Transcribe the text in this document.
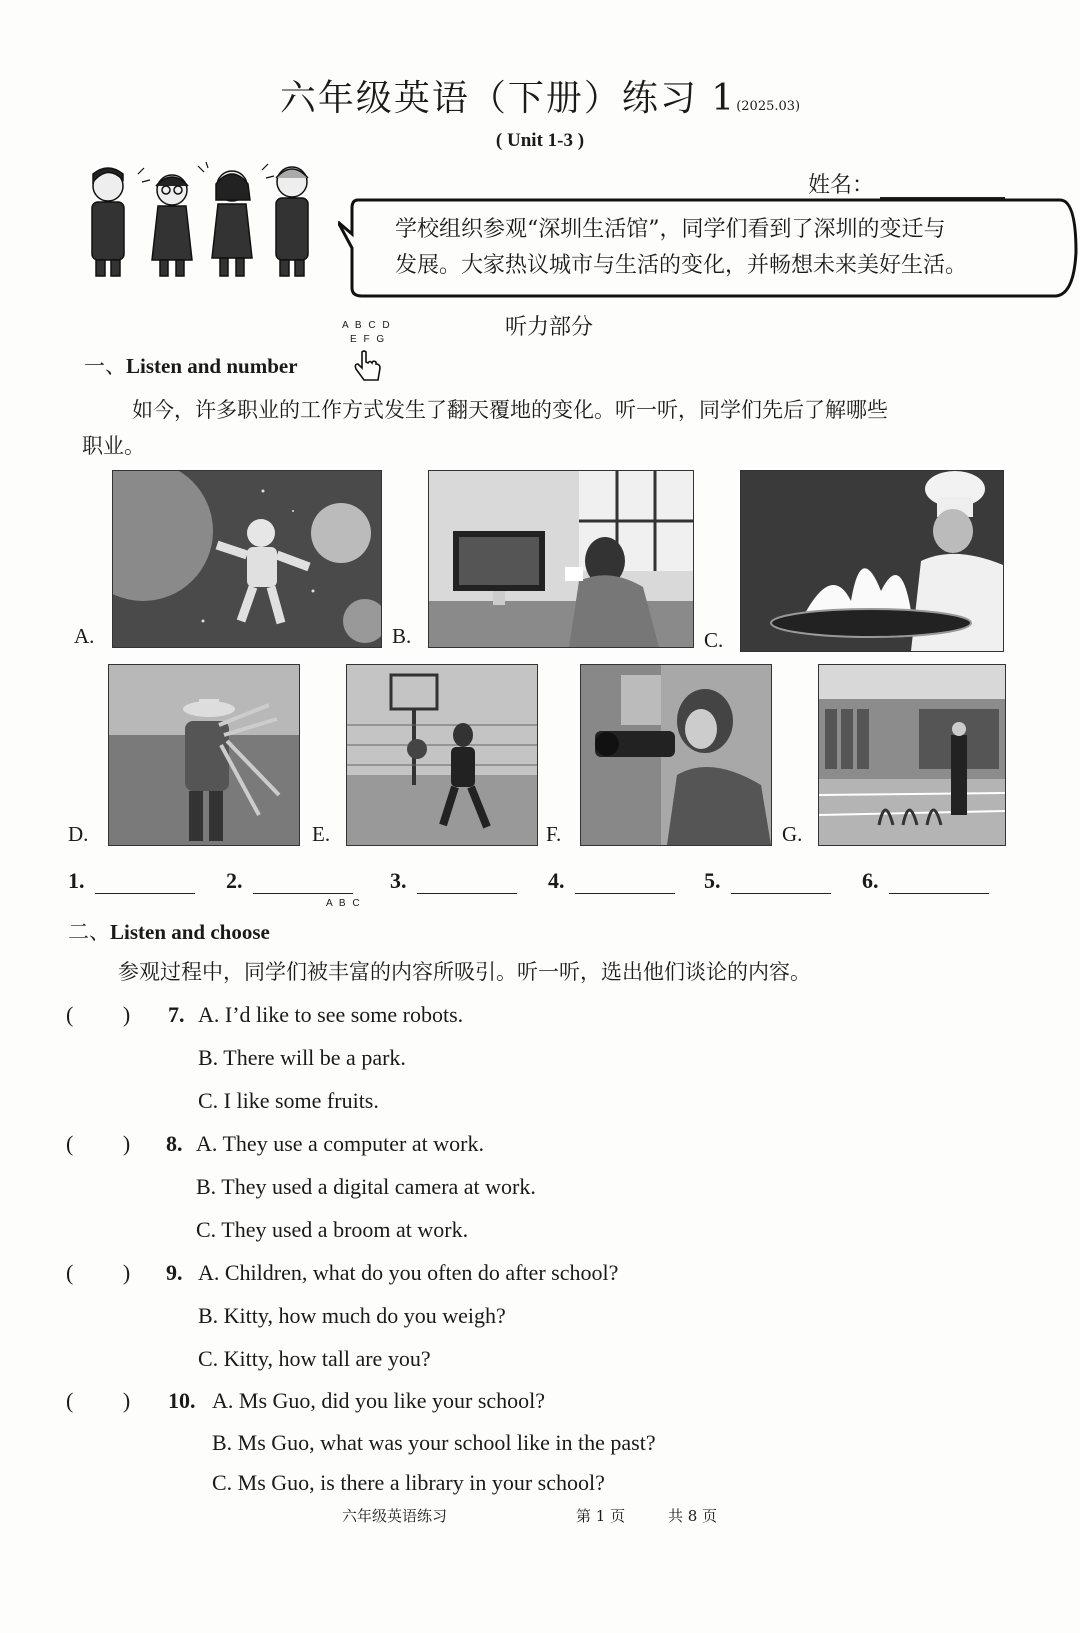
六年级英语（下册）练习 1(2025.03)
( Unit 1-3 )
姓名：
学校组织参观“深圳生活馆”，同学们看到了深圳的变迁与
发展。大家热议城市与生活的变化，并畅想未来美好生活。
听力部分
A B C D
E F G
一、Listen and number
如今，许多职业的工作方式发生了翻天覆地的变化。听一听，同学们先后了解哪些
职业。
A.	B.	C.
D.	E.	F.	G.
1.	2.	3.	4.	5.	6.
A B C
二、Listen and choose
参观过程中，同学们被丰富的内容所吸引。听一听，选出他们谈论的内容。
(         ) 7. A. I’d like to see some robots.
B. There will be a park.
C. I like some fruits.
(         ) 8. A. They use a computer at work.
B. They used a digital camera at work.
C. They used a broom at work.
(         ) 9. A. Children, what do you often do after school?
B. Kitty, how much do you weigh?
C. Kitty, how tall are you?
(         ) 10. A. Ms Guo, did you like your school?
B. Ms Guo, what was your school like in the past?
C. Ms Guo, is there a library in your school?
六年级英语练习	第 1 页	共 8 页
